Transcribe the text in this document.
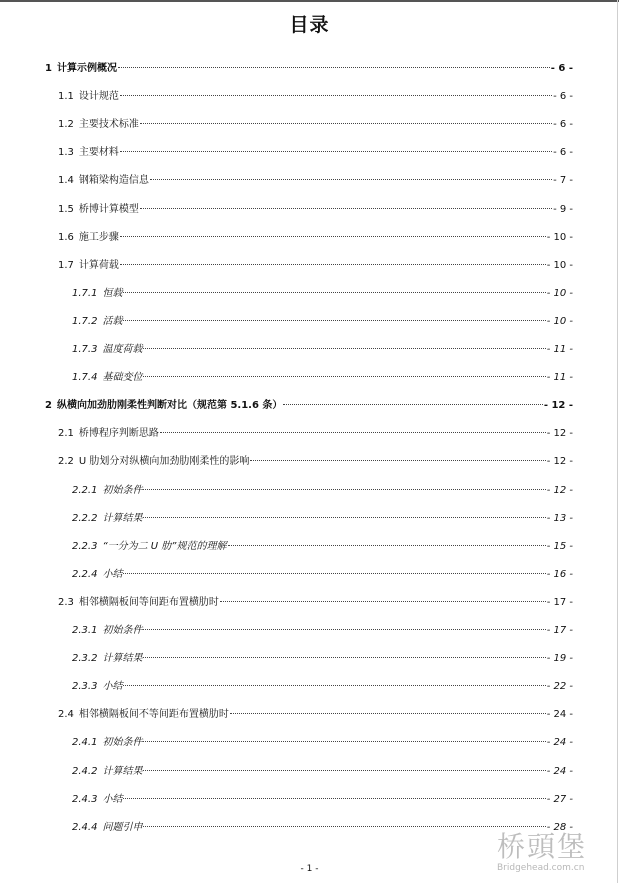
目录
1 计算示例概况	- 6 -
1.1 设计规范	- 6 -
1.2 主要技术标准	- 6 -
1.3 主要材料	- 6 -
1.4 钢箱梁构造信息	- 7 -
1.5 桥博计算模型	- 9 -
1.6 施工步骤	- 10 -
1.7 计算荷载	- 10 -
1.7.1 恒载	- 10 -
1.7.2 活载	- 10 -
1.7.3 温度荷载	- 11 -
1.7.4 基础变位	- 11 -
2 纵横向加劲肋刚柔性判断对比（规范第 5.1.6 条）	- 12 -
2.1 桥博程序判断思路	- 12 -
2.2 U 肋划分对纵横向加劲肋刚柔性的影响	- 12 -
2.2.1 初始条件	- 12 -
2.2.2 计算结果	- 13 -
2.2.3 “一分为二 U 肋”规范的理解	- 15 -
2.2.4 小结	- 16 -
2.3 相邻横隔板间等间距布置横肋时	- 17 -
2.3.1 初始条件	- 17 -
2.3.2 计算结果	- 19 -
2.3.3 小结	- 22 -
2.4 相邻横隔板间不等间距布置横肋时	- 24 -
2.4.1 初始条件	- 24 -
2.4.2 计算结果	- 24 -
2.4.3 小结	- 27 -
2.4.4 问题引申	- 28 -
- 1 -
桥頭堡
Bridgehead.com.cn
